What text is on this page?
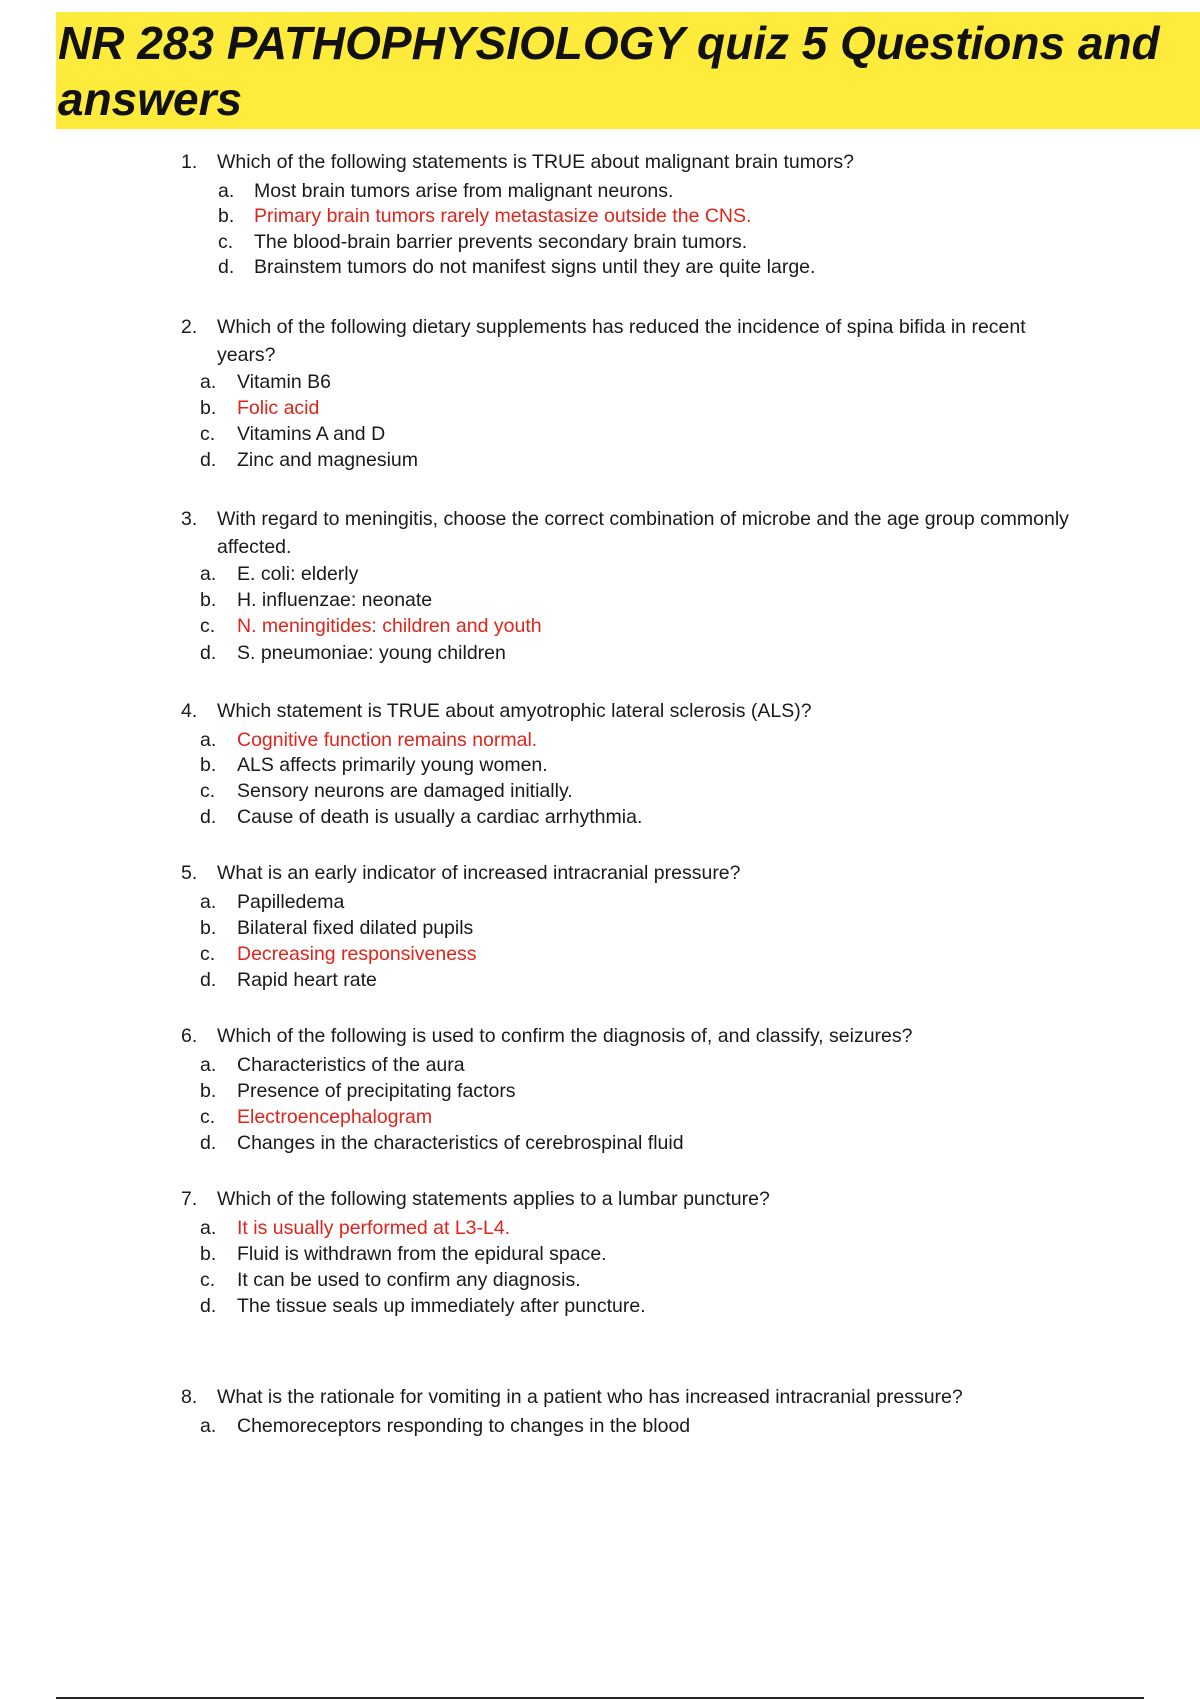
NR 283 PATHOPHYSIOLOGY quiz 5 Questions and answers
1.	Which of the following statements is TRUE about malignant brain tumors?
a. Most brain tumors arise from malignant neurons.
b. Primary brain tumors rarely metastasize outside the CNS.
c. The blood-brain barrier prevents secondary brain tumors.
d. Brainstem tumors do not manifest signs until they are quite large.
2.	Which of the following dietary supplements has reduced the incidence of spina bifida in recent years?
a. Vitamin B6
b. Folic acid
c. Vitamins A and D
d. Zinc and magnesium
3.	With regard to meningitis, choose the correct combination of microbe and the age group commonly affected.
a. E. coli: elderly
b. H. influenzae: neonate
c. N. meningitides: children and youth
d. S. pneumoniae: young children
4.	Which statement is TRUE about amyotrophic lateral sclerosis (ALS)?
a. Cognitive function remains normal.
b. ALS affects primarily young women.
c. Sensory neurons are damaged initially.
d. Cause of death is usually a cardiac arrhythmia.
5.	What is an early indicator of increased intracranial pressure?
a. Papilledema
b. Bilateral fixed dilated pupils
c. Decreasing responsiveness
d. Rapid heart rate
6.	Which of the following is used to confirm the diagnosis of, and classify, seizures?
a. Characteristics of the aura
b. Presence of precipitating factors
c. Electroencephalogram
d. Changes in the characteristics of cerebrospinal fluid
7.	Which of the following statements applies to a lumbar puncture?
a. It is usually performed at L3-L4.
b. Fluid is withdrawn from the epidural space.
c. It can be used to confirm any diagnosis.
d. The tissue seals up immediately after puncture.
8.	What is the rationale for vomiting in a patient who has increased intracranial pressure?
a. Chemoreceptors responding to changes in the blood
